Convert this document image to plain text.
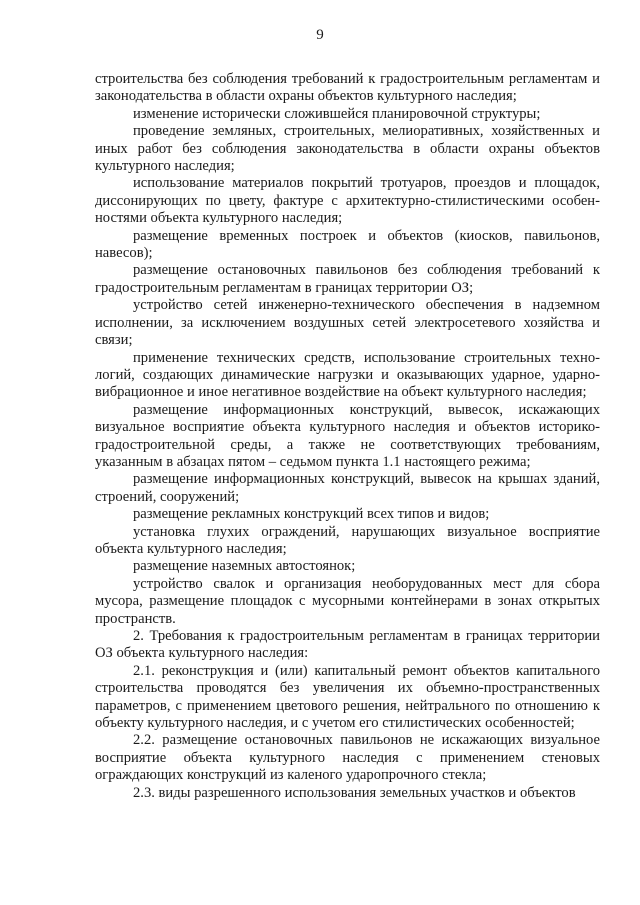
9

строительства без соблюдения требований к градостроительным регламентам и законодательства в области охраны объектов культурного наследия;

изменение исторически сложившейся планировочной структуры;

проведение земляных, строительных, мелиоративных, хозяйственных и иных работ без соблюдения законодательства в области охраны объектов культурного наследия;

использование материалов покрытий тротуаров, проездов и площадок, диссонирующих по цвету, фактуре с архитектурно-стилистическими особенностями объекта культурного наследия;

размещение временных построек и объектов (киосков, павильонов, навесов);

размещение остановочных павильонов без соблюдения требований к градостроительным регламентам в границах территории ОЗ;

устройство сетей инженерно-технического обеспечения в надземном исполнении, за исключением воздушных сетей электросетевого хозяйства и связи;

применение технических средств, использование строительных технологий, создающих динамические нагрузки и оказывающих ударное, ударно-вибрационное и иное негативное воздействие на объект культурного наследия;

размещение информационных конструкций, вывесок, искажающих визуальное восприятие объекта культурного наследия и объектов историко-градостроительной среды, а также не соответствующих требованиям, указанным в абзацах пятом – седьмом пункта 1.1 настоящего режима;

размещение информационных конструкций, вывесок на крышах зданий, строений, сооружений;

размещение рекламных конструкций всех типов и видов;

установка глухих ограждений, нарушающих визуальное восприятие объекта культурного наследия;

размещение наземных автостоянок;

устройство свалок и организация необорудованных мест для сбора мусора, размещение площадок с мусорными контейнерами в зонах открытых пространств.

2. Требования к градостроительным регламентам в границах территории ОЗ объекта культурного наследия:

2.1. реконструкция и (или) капитальный ремонт объектов капитального строительства проводятся без увеличения их объемно-пространственных параметров, с применением цветового решения, нейтрального по отношению к объекту культурного наследия, и с учетом его стилистических особенностей;

2.2. размещение остановочных павильонов не искажающих визуальное восприятие объекта культурного наследия с применением стеновых ограждающих конструкций из каленого ударопрочного стекла;

2.3. виды разрешенного использования земельных участков и объектов
